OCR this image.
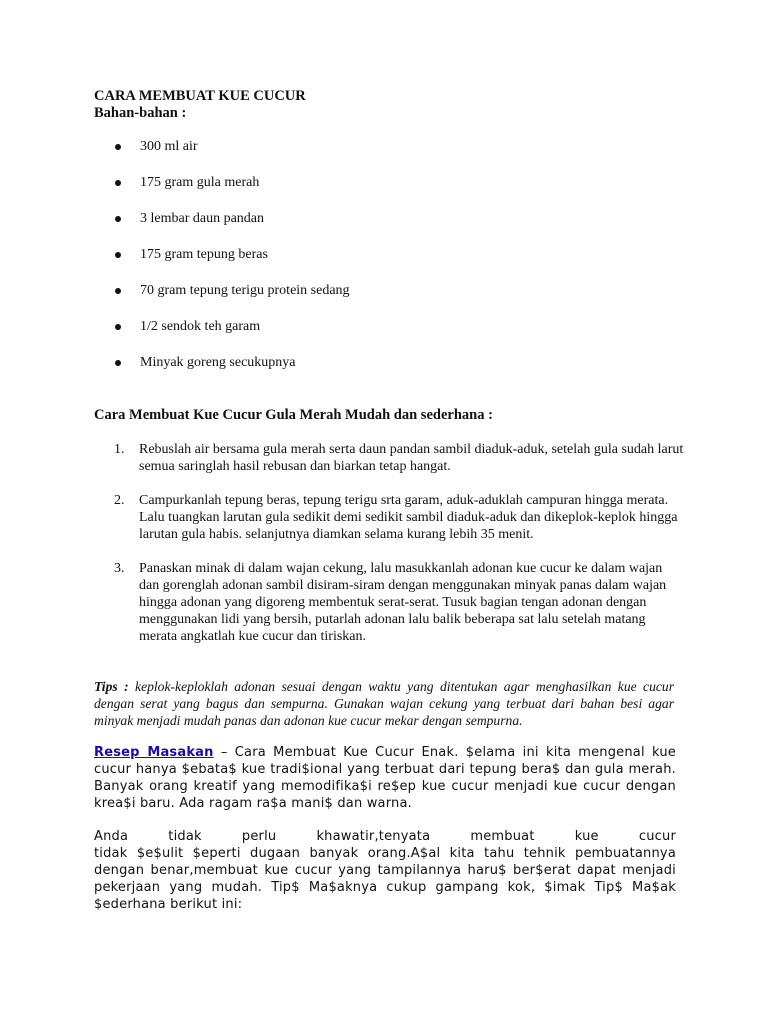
CARA MEMBUAT KUE CUCUR
Bahan-bahan :
300 ml air
175 gram gula merah
3 lembar daun pandan
175 gram tepung beras
70 gram tepung terigu protein sedang
1/2 sendok teh garam
Minyak goreng secukupnya
Cara Membuat Kue Cucur Gula Merah Mudah dan sederhana :
1. Rebuslah air bersama gula merah serta daun pandan sambil diaduk-aduk, setelah gula sudah larut semua saringlah hasil rebusan dan biarkan tetap hangat.
2. Campurkanlah tepung beras, tepung terigu srta garam, aduk-aduklah campuran hingga merata. Lalu tuangkan larutan gula sedikit demi sedikit sambil diaduk-aduk dan dikeplok-keplok hingga larutan gula habis. selanjutnya diamkan selama kurang lebih 35 menit.
3. Panaskan minak di dalam wajan cekung, lalu masukkanlah adonan kue cucur ke dalam wajan dan gorenglah adonan sambil disiram-siram dengan menggunakan minyak panas dalam wajan hingga adonan yang digoreng membentuk serat-serat. Tusuk bagian tengan adonan dengan menggunakan lidi yang bersih, putarlah adonan lalu balik beberapa sat lalu setelah matang merata angkatlah kue cucur dan tiriskan.
Tips : keplok-keploklah adonan sesuai dengan waktu yang ditentukan agar menghasilkan kue cucur dengan serat yang bagus dan sempurna. Gunakan wajan cekung yang terbuat dari bahan besi agar minyak menjadi mudah panas dan adonan kue cucur mekar dengan sempurna.
Resep Masakan – Cara Membuat Kue Cucur Enak. $elama ini kita mengenal kue cucur hanya $ebata$ kue tradi$ional yang terbuat dari tepung bera$ dan gula merah. Banyak orang kreatif yang memodifika$i re$ep kue cucur menjadi kue cucur dengan krea$i baru. Ada ragam ra$a mani$ dan warna.
Anda tidak perlu khawatir,tenyata membuat kue cucur
tidak $e$ulit $eperti dugaan banyak orang.A$al kita tahu tehnik pembuatannya dengan benar,membuat kue cucur yang tampilannya haru$ ber$erat dapat menjadi pekerjaan yang mudah. Tip$ Ma$aknya cukup gampang kok, $imak Tip$ Ma$ak $ederhana berikut ini:
